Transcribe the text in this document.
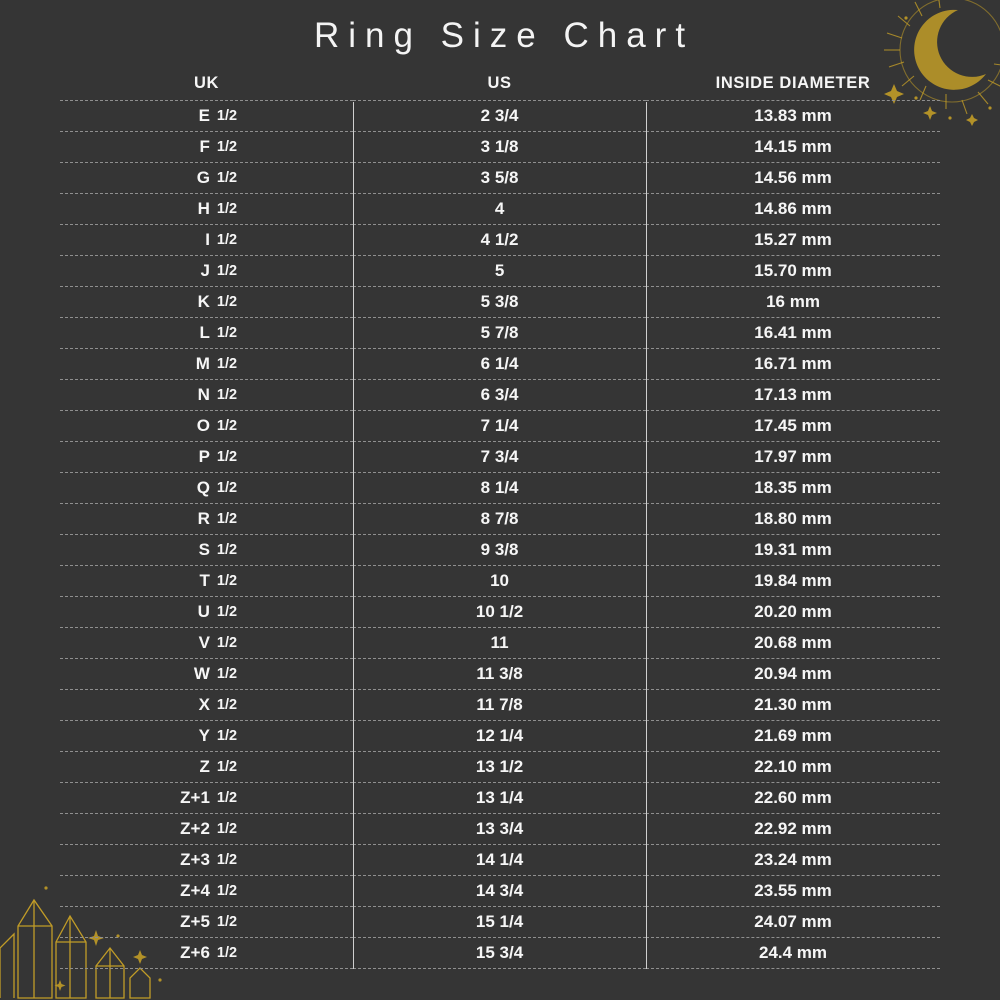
Ring Size Chart
UK	US	INSIDE DIAMETER
E 1/2	2 3/4	13.83 mm
F 1/2	3 1/8	14.15 mm
G 1/2	3 5/8	14.56 mm
H 1/2	4	14.86 mm
I 1/2	4 1/2	15.27 mm
J 1/2	5	15.70 mm
K 1/2	5 3/8	16 mm
L 1/2	5 7/8	16.41 mm
M 1/2	6 1/4	16.71 mm
N 1/2	6 3/4	17.13 mm
O 1/2	7 1/4	17.45 mm
P 1/2	7 3/4	17.97 mm
Q 1/2	8 1/4	18.35 mm
R 1/2	8 7/8	18.80 mm
S 1/2	9 3/8	19.31 mm
T 1/2	10	19.84 mm
U 1/2	10 1/2	20.20 mm
V 1/2	11	20.68 mm
W 1/2	11 3/8	20.94 mm
X 1/2	11 7/8	21.30 mm
Y 1/2	12 1/4	21.69 mm
Z 1/2	13 1/2	22.10 mm
Z+1 1/2	13 1/4	22.60 mm
Z+2 1/2	13 3/4	22.92 mm
Z+3 1/2	14 1/4	23.24 mm
Z+4 1/2	14 3/4	23.55 mm
Z+5 1/2	15 1/4	24.07 mm
Z+6 1/2	15 3/4	24.4 mm
